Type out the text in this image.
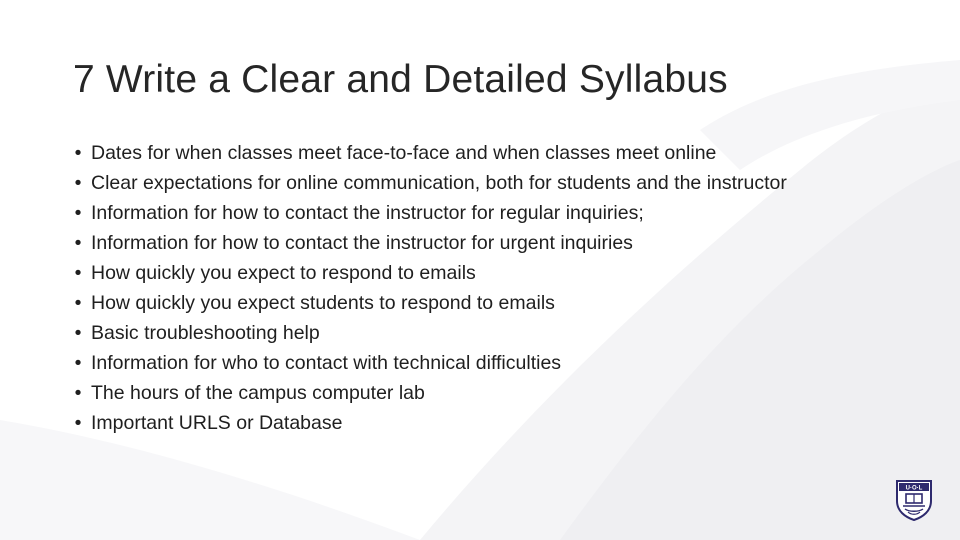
7 Write a Clear and Detailed Syllabus
• Dates for when classes meet face-to-face and when classes meet online
• Clear expectations for online communication, both for students and the instructor
• Information for how to contact the instructor for regular inquiries;
• Information for how to contact the instructor for urgent inquiries
• How quickly you expect to respond to emails
• How quickly you expect students to respond to emails
• Basic troubleshooting help
• Information for who to contact with technical difficulties
• The hours of the campus computer lab
• Important URLS or Database
U·O·L
